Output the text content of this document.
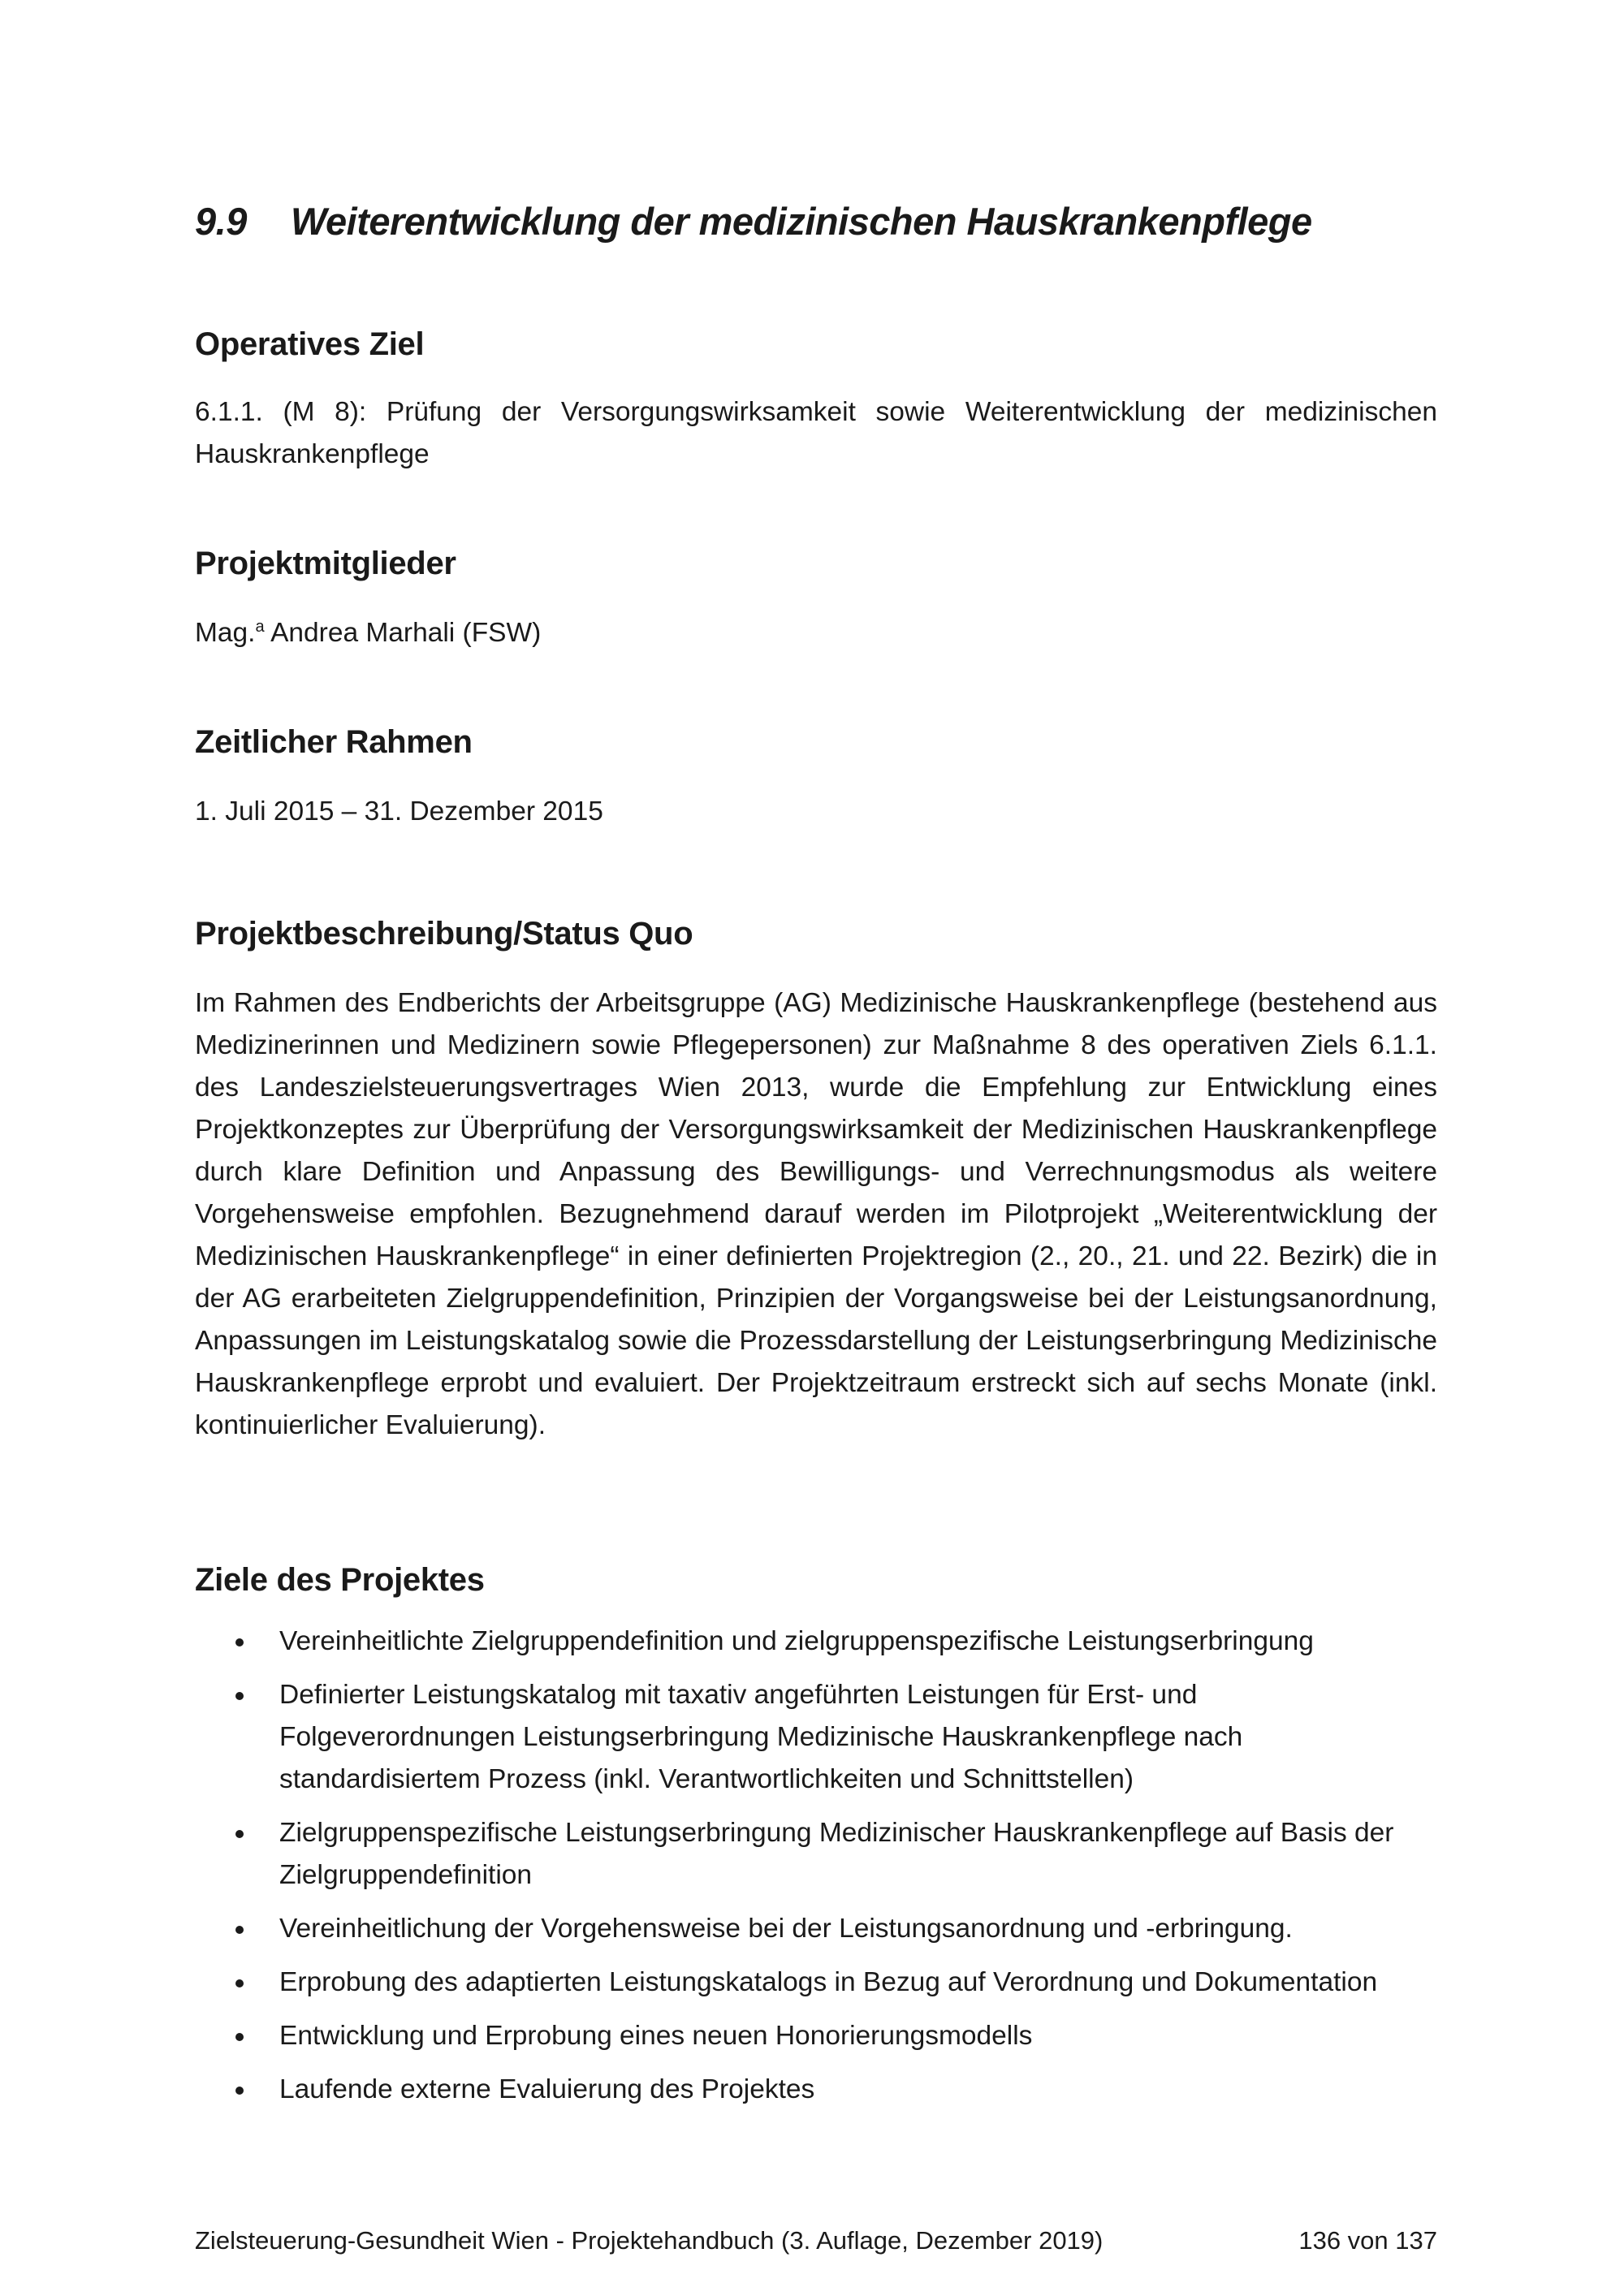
9.9 Weiterentwicklung der medizinischen Hauskrankenpflege
Operatives Ziel
6.1.1. (M 8): Prüfung der Versorgungswirksamkeit sowie Weiterentwicklung der medizinischen Hauskrankenpflege
Projektmitglieder
Mag.$^a$ Andrea Marhali (FSW)
Zeitlicher Rahmen
1. Juli 2015 – 31. Dezember 2015
Projektbeschreibung/Status Quo
Im Rahmen des Endberichts der Arbeitsgruppe (AG) Medizinische Hauskrankenpflege (bestehend aus Medizinerinnen und Medizinern sowie Pflegepersonen) zur Maßnahme 8 des operativen Ziels 6.1.1. des Landeszielsteuerungsvertrages Wien 2013, wurde die Empfehlung zur Entwicklung eines Projektkonzeptes zur Überprüfung der Versorgungswirksamkeit der Medizinischen Hauskrankenpflege durch klare Definition und Anpassung des Bewilligungs- und Verrechnungsmodus als weitere Vorgehensweise empfohlen. Bezugnehmend darauf werden im Pilotprojekt „Weiterentwicklung der Medizinischen Hauskrankenpflege“ in einer definierten Projektregion (2., 20., 21. und 22. Bezirk) die in der AG erarbeiteten Zielgruppendefinition, Prinzipien der Vorgangsweise bei der Leistungsanordnung, Anpassungen im Leistungskatalog sowie die Prozessdarstellung der Leistungserbringung Medizinische Hauskrankenpflege erprobt und evaluiert. Der Projektzeitraum erstreckt sich auf sechs Monate (inkl. kontinuierlicher Evaluierung).
Ziele des Projektes
Vereinheitlichte Zielgruppendefinition und zielgruppenspezifische Leistungserbringung
Definierter Leistungskatalog mit taxativ angeführten Leistungen für Erst- und Folgeverordnungen Leistungserbringung Medizinische Hauskrankenpflege nach standardisiertem Prozess (inkl. Verantwortlichkeiten und Schnittstellen)
Zielgruppenspezifische Leistungserbringung Medizinischer Hauskrankenpflege auf Basis der Zielgruppendefinition
Vereinheitlichung der Vorgehensweise bei der Leistungsanordnung und -erbringung.
Erprobung des adaptierten Leistungskatalogs in Bezug auf Verordnung und Dokumentation
Entwicklung und Erprobung eines neuen Honorierungsmodells
Laufende externe Evaluierung des Projektes
Zielsteuerung-Gesundheit Wien - Projektehandbuch (3. Auflage, Dezember 2019)	136 von 137
